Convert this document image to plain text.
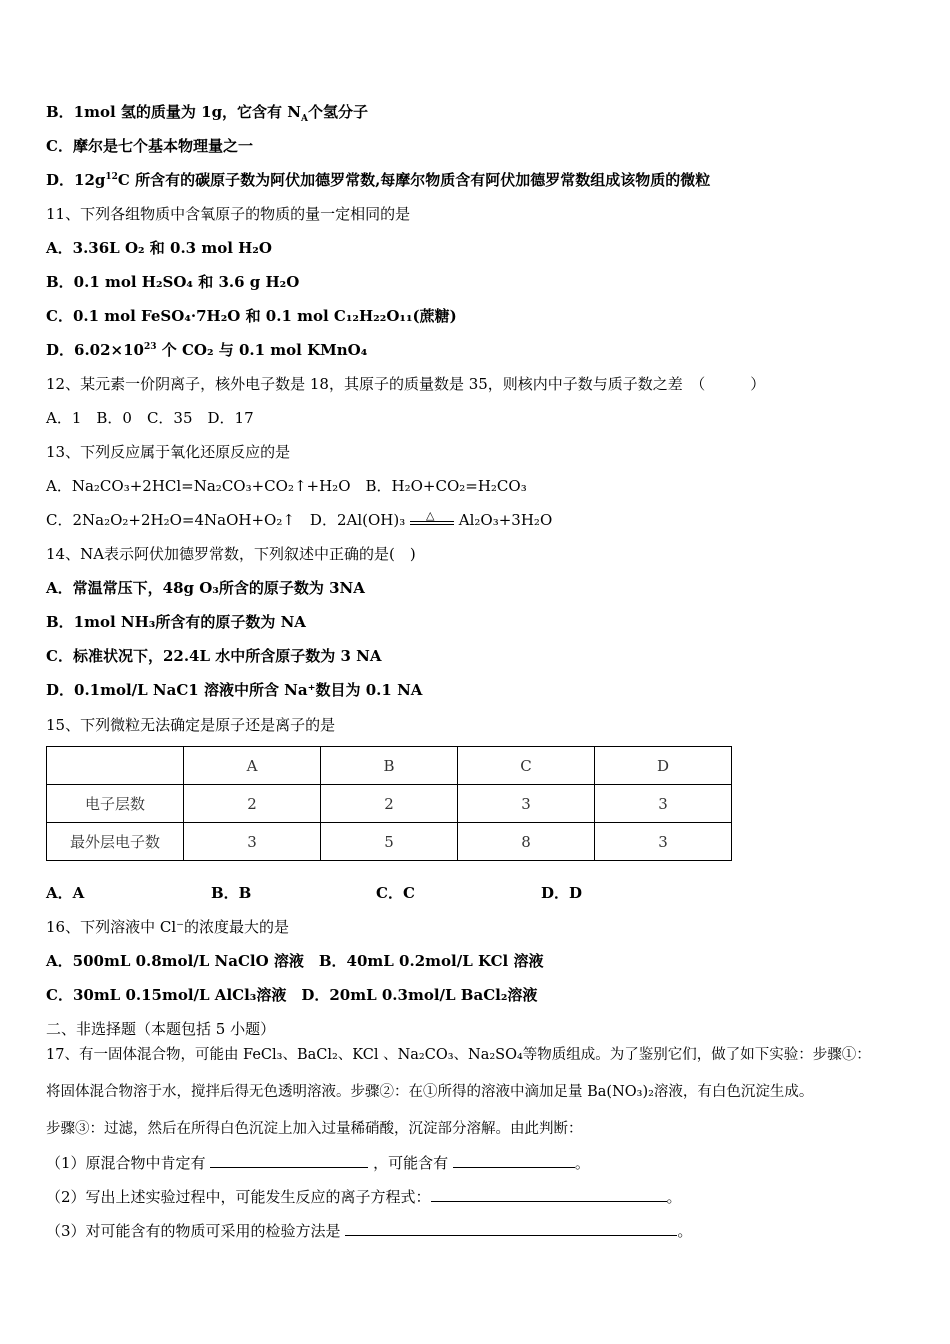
B．1mol 氢的质量为 1g，它含有 $N_A$个氢分子
C．摩尔是七个基本物理量之一
D．$12g^{12}C$ 所含有的碳原子数为阿伏加德罗常数,每摩尔物质含有阿伏加德罗常数组成该物质的微粒
11、下列各组物质中含氧原子的物质的量一定相同的是
A．3.36L O₂ 和 0.3 mol H₂O
B．0.1 mol H₂SO₄ 和 3.6 g H₂O
C．0.1 mol FeSO₄·7H₂O 和 0.1 mol C₁₂H₂₂O₁₁(蔗糖)
D．$6.02\times 10^{23}$ 个 CO₂ 与 0.1 mol KMnO₄
12、某元素一价阴离子，核外电子数是 18，其原子的质量数是 35，则核内中子数与质子数之差　（　　　）
A．1　B．0　C．35　D．17
13、下列反应属于氧化还原反应的是
A．Na₂CO₃+2HCl=Na₂CO₃+CO₂↑+H₂O　B．H₂O+CO₂=H₂CO₃
C．2Na₂O₂+2H₂O=4NaOH+O₂↑　D．2Al(OH)₃ △ Al₂O₃+3H₂O
14、NA表示阿伏加德罗常数，下列叙述中正确的是(　)
A．常温常压下，48g O₃所含的原子数为 3NA
B．1mol NH₃所含有的原子数为 NA
C．标准状况下，22.4L 水中所含原子数为 3 NA
D．0.1mol/L NaC1 溶液中所含 Na⁺数目为 0.1 NA
15、下列微粒无法确定是原子还是离子的是
	A	B	C	D
电子层数	2	2	3	3
最外层电子数	3	5	8	3
A．A	B．B	C．C	D．D
16、下列溶液中 Cl⁻的浓度最大的是
A．500mL 0.8mol/L NaClO 溶液　B．40mL 0.2mol/L KCl 溶液
C．30mL 0.15mol/L AlCl₃溶液　D．20mL 0.3mol/L BaCl₂溶液
二、非选择题（本题包括 5 小题）
17、有一固体混合物，可能由 FeCl₃、BaCl₂、KCl 、Na₂CO₃、Na₂SO₄等物质组成。为了鉴别它们，做了如下实验：步骤①：
将固体混合物溶于水，搅拌后得无色透明溶液。步骤②：在①所得的溶液中滴加足量 Ba(NO₃)₂溶液，有白色沉淀生成。
步骤③：过滤，然后在所得白色沉淀上加入过量稀硝酸，沉淀部分溶解。由此判断：
（1）原混合物中肯定有	，可能含有	。
（2）写出上述实验过程中，可能发生反应的离子方程式：	。
（3）对可能含有的物质可采用的检验方法是	。
